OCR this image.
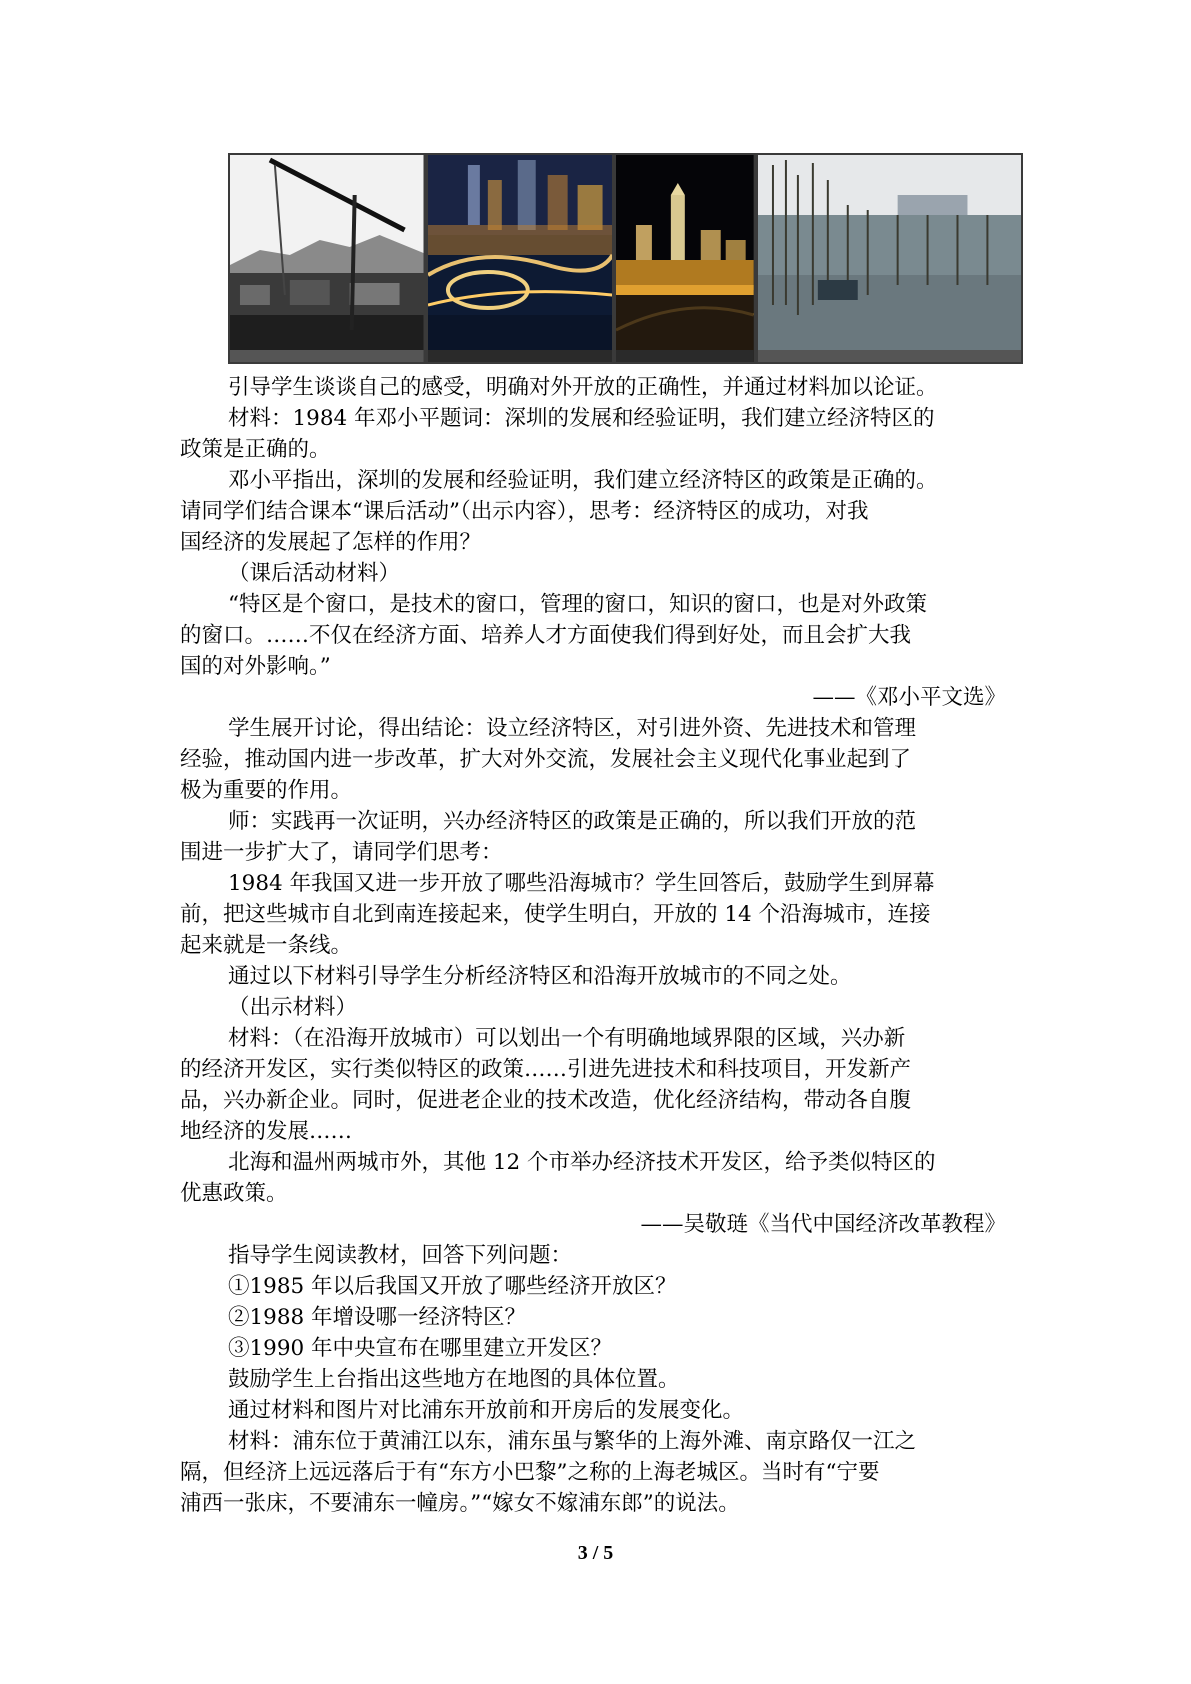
引导学生谈谈自己的感受，明确对外开放的正确性，并通过材料加以论证。
材料：1984 年邓小平题词：深圳的发展和经验证明，我们建立经济特区的
政策是正确的。
邓小平指出，深圳的发展和经验证明，我们建立经济特区的政策是正确的。
请同学们结合课本“课后活动”（出示内容），思考：经济特区的成功，对我
国经济的发展起了怎样的作用？
（课后活动材料）
“特区是个窗口，是技术的窗口，管理的窗口，知识的窗口，也是对外政策
的窗口。……不仅在经济方面、培养人才方面使我们得到好处，而且会扩大我
国的对外影响。”
——《邓小平文选》
学生展开讨论，得出结论：设立经济特区，对引进外资、先进技术和管理
经验，推动国内进一步改革，扩大对外交流，发展社会主义现代化事业起到了
极为重要的作用。
师：实践再一次证明，兴办经济特区的政策是正确的，所以我们开放的范
围进一步扩大了，请同学们思考：
1984 年我国又进一步开放了哪些沿海城市？学生回答后，鼓励学生到屏幕
前，把这些城市自北到南连接起来，使学生明白，开放的 14 个沿海城市，连接
起来就是一条线。
通过以下材料引导学生分析经济特区和沿海开放城市的不同之处。
（出示材料）
材料：（在沿海开放城市）可以划出一个有明确地域界限的区域，兴办新
的经济开发区，实行类似特区的政策……引进先进技术和科技项目，开发新产
品，兴办新企业。同时，促进老企业的技术改造，优化经济结构，带动各自腹
地经济的发展……
北海和温州两城市外，其他 12 个市举办经济技术开发区，给予类似特区的
优惠政策。
——吴敬琏《当代中国经济改革教程》
指导学生阅读教材，回答下列问题：
①1985 年以后我国又开放了哪些经济开放区？
②1988 年增设哪一经济特区？
③1990 年中央宣布在哪里建立开发区？
鼓励学生上台指出这些地方在地图的具体位置。
通过材料和图片对比浦东开放前和开房后的发展变化。
材料：浦东位于黄浦江以东，浦东虽与繁华的上海外滩、南京路仅一江之
隔，但经济上远远落后于有“东方小巴黎”之称的上海老城区。当时有“宁要
浦西一张床，不要浦东一幢房。”“嫁女不嫁浦东郎”的说法。
3 / 5
